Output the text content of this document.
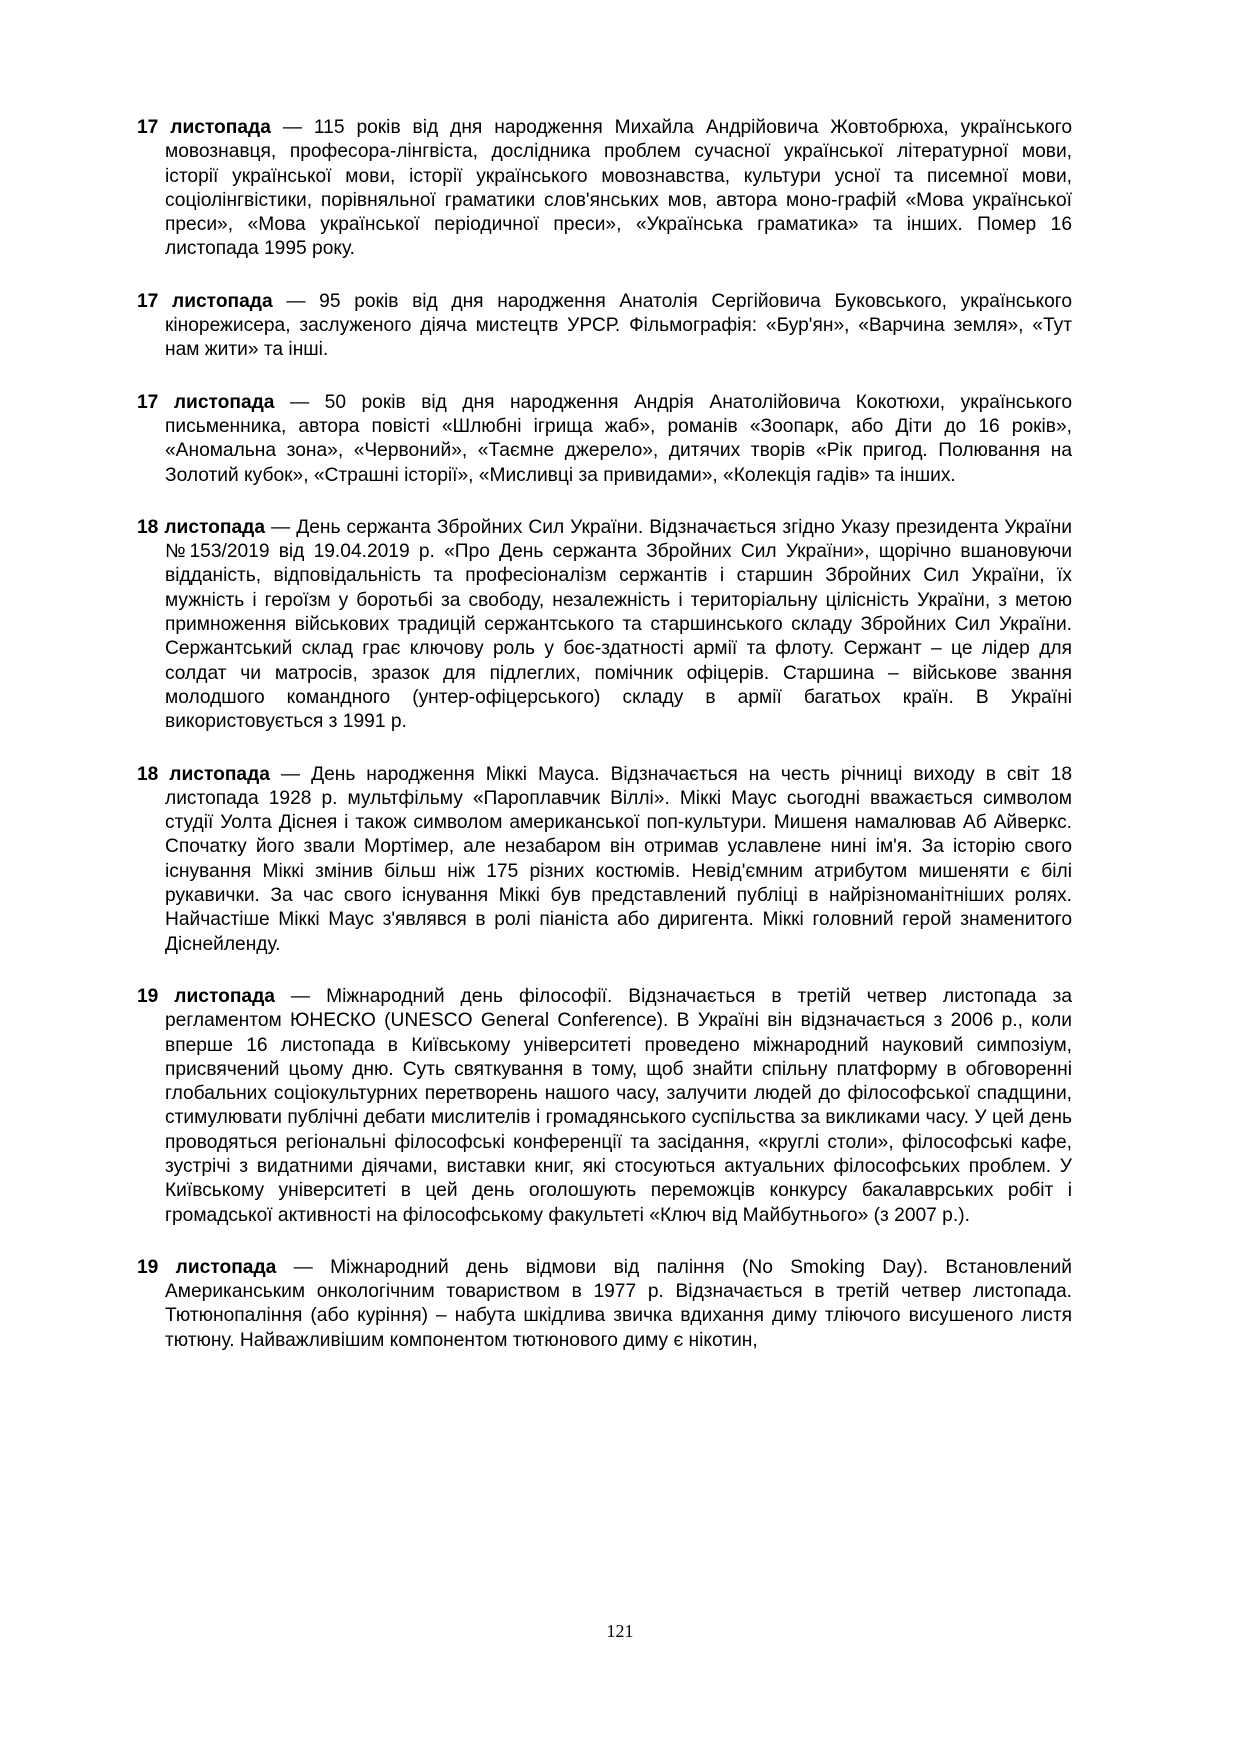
17 листопада — 115 років від дня народження Михайла Андрійовича Жовтобрюха, українського мовознавця, професора-лінгвіста, дослідника проблем сучасної української літературної мови, історії української мови, історії українського мовознавства, культури усної та писемної мови, соціолінгвістики, порівняльної граматики слов'янських мов, автора моно-графій «Мова української преси», «Мова української періодичної преси», «Українська граматика» та інших. Помер 16 листопада 1995 року.

17 листопада — 95 років від дня народження Анатолія Сергійовича Буковського, українського кінорежисера, заслуженого діяча мистецтв УРСР. Фільмографія: «Бур'ян», «Варчина земля», «Тут нам жити» та інші.

17 листопада — 50 років від дня народження Андрія Анатолійовича Кокотюхи, українського письменника, автора повісті «Шлюбні ігрища жаб», романів «Зоопарк, або Діти до 16 років», «Аномальна зона», «Червоний», «Таємне джерело», дитячих творів «Рік пригод. Полювання на Золотий кубок», «Страшні історії», «Мисливці за привидами», «Колекція гадів» та інших.

18 листопада — День сержанта Збройних Сил України. Відзначається згідно Указу президента України №153/2019 від 19.04.2019 р. «Про День сержанта Збройних Сил України», щорічно вшановуючи відданість, відповідальність та професіоналізм сержантів і старшин Збройних Сил України, їх мужність і героїзм у боротьбі за свободу, незалежність і територіальну цілісність України, з метою примноження військових традицій сержантського та старшинського складу Збройних Сил України. Сержантський склад грає ключову роль у боє-здатності армії та флоту. Сержант – це лідер для солдат чи матросів, зразок для підлеглих, помічник офіцерів. Старшина – військове звання молодшого командного (унтер-офіцерського) складу в армії багатьох країн. В Україні використовується з 1991 р.

18 листопада — День народження Міккі Мауса. Відзначається на честь річниці виходу в світ 18 листопада 1928 р. мультфільму «Пароплавчик Віллі». Міккі Маус сьогодні вважається символом студії Уолта Діснея і також символом американської поп-культури. Мишеня намалював Аб Айверкс. Спочатку його звали Мортімер, але незабаром він отримав уславлене нині ім'я. За історію свого існування Міккі змінив більш ніж 175 різних костюмів. Невід'ємним атрибутом мишеняти є білі рукавички. За час свого існування Міккі був представлений публіці в найрізноманітніших ролях. Найчастіше Міккі Маус з'являвся в ролі піаніста або диригента. Міккі головний герой знаменитого Діснейленду.

19 листопада — Міжнародний день філософії. Відзначається в третій четвер листопада за регламентом ЮНЕСКО (UNESCO General Conference). В Україні він відзначається з 2006 р., коли вперше 16 листопада в Київському університеті проведено міжнародний науковий симпозіум, присвячений цьому дню. Суть святкування в тому, щоб знайти спільну платформу в обговоренні глобальних соціокультурних перетворень нашого часу, залучити людей до філософської спадщини, стимулювати публічні дебати мислителів і громадянського суспільства за викликами часу. У цей день проводяться регіональні філософські конференції та засідання, «круглі столи», філософські кафе, зустрічі з видатними діячами, виставки книг, які стосуються актуальних філософських проблем. У Київському університеті в цей день оголошують переможців конкурсу бакалаврських робіт і громадської активності на філософському факультеті «Ключ від Майбутнього» (з 2007 р.).

19 листопада — Міжнародний день відмови від паління (No Smoking Day). Встановлений Американським онкологічним товариством в 1977 р. Відзначається в третій четвер листопада. Тютюнопаління (або куріння) – набута шкідлива звичка вдихання диму тліючого висушеного листя тютюну. Найважливішим компонентом тютюнового диму є нікотин,

121
